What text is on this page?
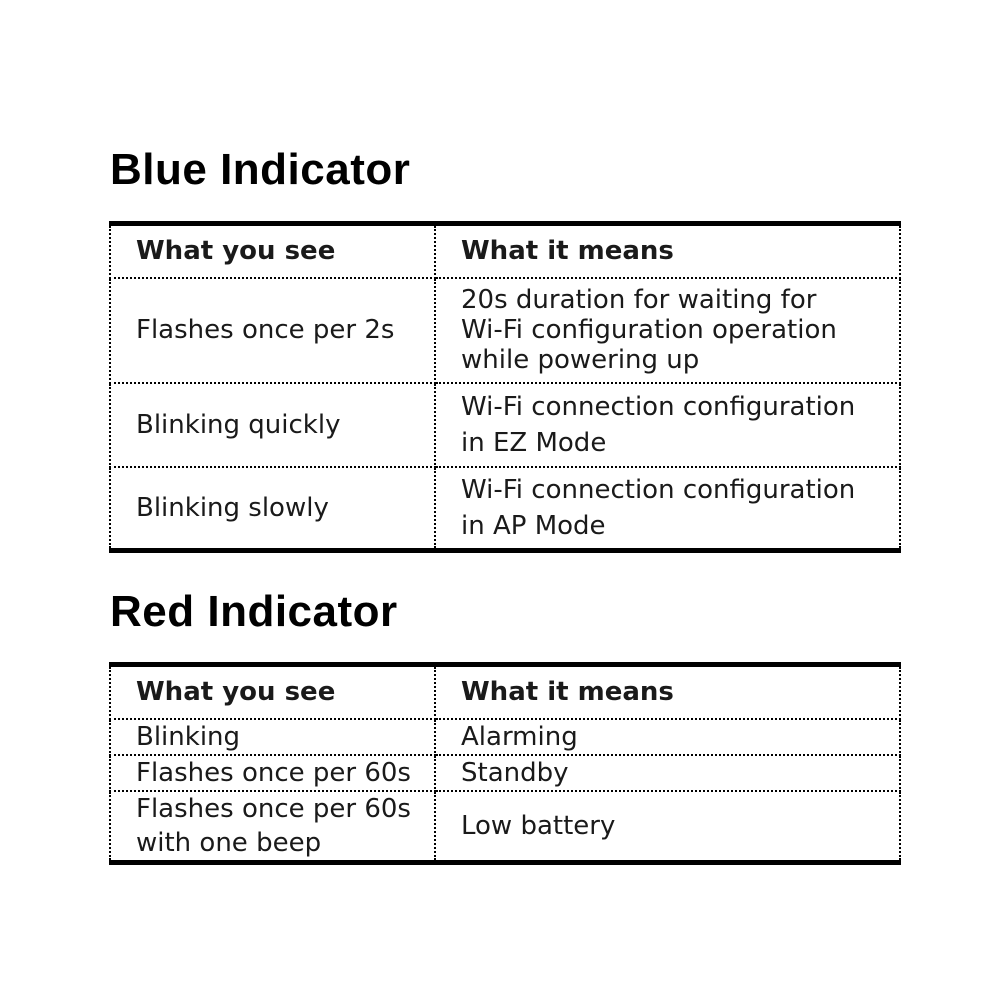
Blue Indicator
What you see	What it means
Flashes once per 2s	20s duration for waiting for
Wi-Fi configuration operation
while powering up

Blinking quickly	Wi-Fi connection configuration
in EZ Mode

Blinking slowly	Wi-Fi connection configuration
in AP Mode
Red Indicator
What you see	What it means

Blinking	Alarming

Flashes once per 60s	Standby

Flashes once per 60s
with one beep	Low battery
